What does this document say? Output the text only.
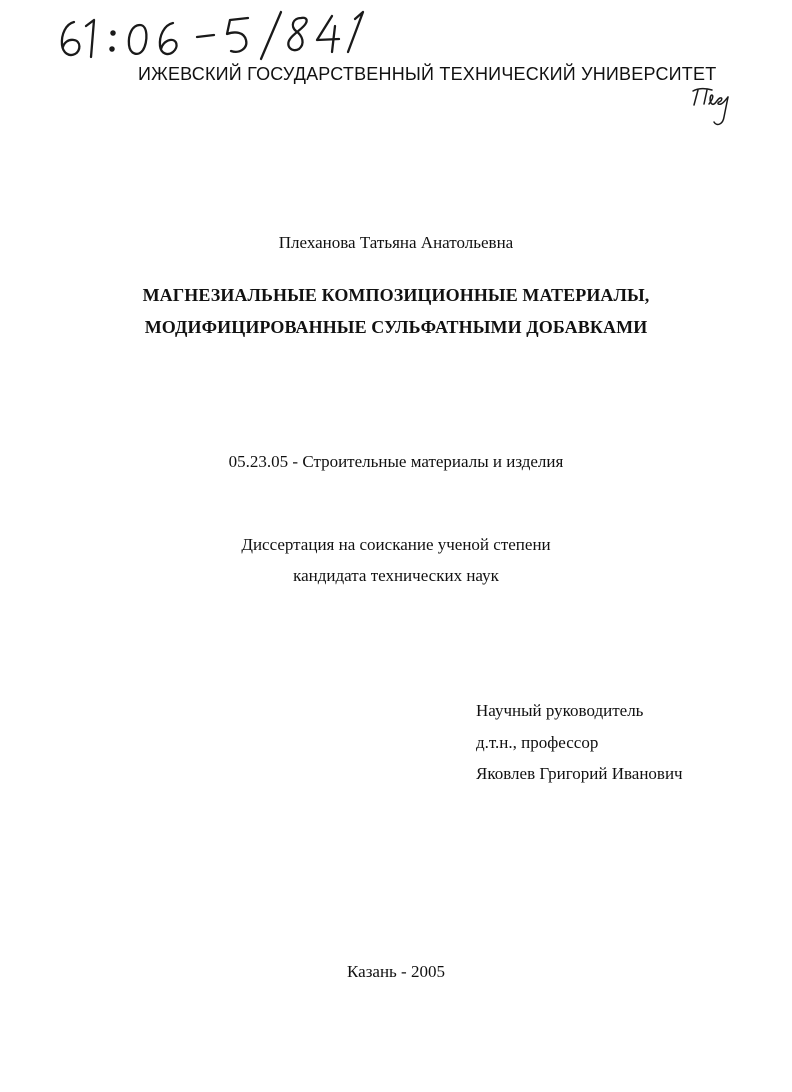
ИЖЕВСКИЙ ГОСУДАРСТВЕННЫЙ ТЕХНИЧЕСКИЙ УНИВЕРСИТЕТ
Плеханова Татьяна Анатольевна
МАГНЕЗИАЛЬНЫЕ КОМПОЗИЦИОННЫЕ МАТЕРИАЛЫ,
МОДИФИЦИРОВАННЫЕ СУЛЬФАТНЫМИ ДОБАВКАМИ
05.23.05 - Строительные материалы и изделия
Диссертация на соискание ученой степени
кандидата технических наук
Научный руководитель
д.т.н., профессор
Яковлев Григорий Иванович
Казань - 2005
